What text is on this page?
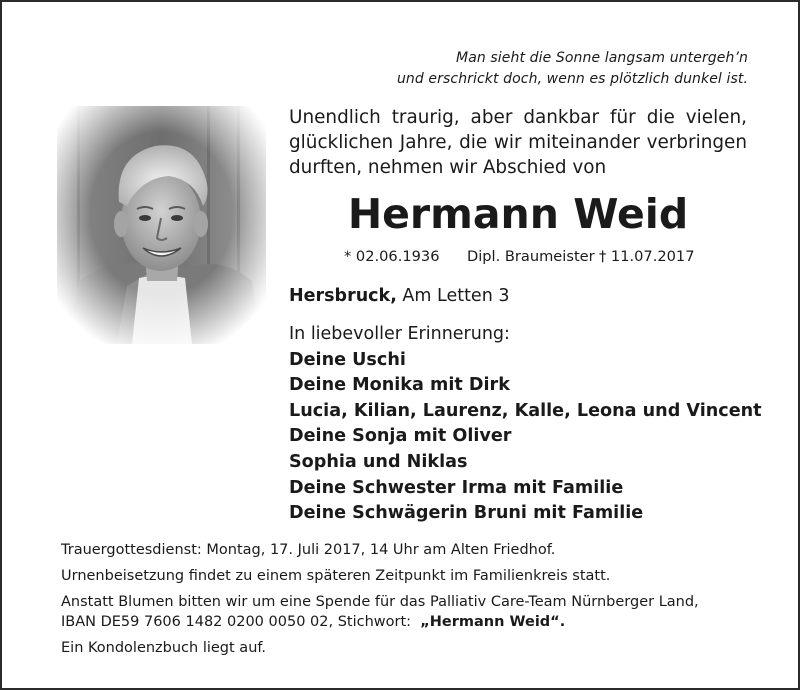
Man sieht die Sonne langsam untergeh’n
und erschrickt doch, wenn es plötzlich dunkel ist.
Unendlich traurig, aber dankbar für die vielen,
glücklichen Jahre, die wir miteinander verbringen
durften, nehmen wir Abschied von
Hermann Weid
* 02.06.1936 Dipl. Braumeister † 11.07.2017
Hersbruck, Am Letten 3
In liebevoller Erinnerung:
Deine Uschi
Deine Monika mit Dirk
Lucia, Kilian, Laurenz, Kalle, Leona und Vincent
Deine Sonja mit Oliver
Sophia und Niklas
Deine Schwester Irma mit Familie
Deine Schwägerin Bruni mit Familie

Trauergottesdienst: Montag, 17. Juli 2017, 14 Uhr am Alten Friedhof.

Urnenbeisetzung findet zu einem späteren Zeitpunkt im Familienkreis statt.

Anstatt Blumen bitten wir um eine Spende für das Palliativ Care-Team Nürnberger Land,
IBAN DE59 7606 1482 0200 0050 02, Stichwort:  „Hermann Weid“.

Ein Kondolenzbuch liegt auf.
